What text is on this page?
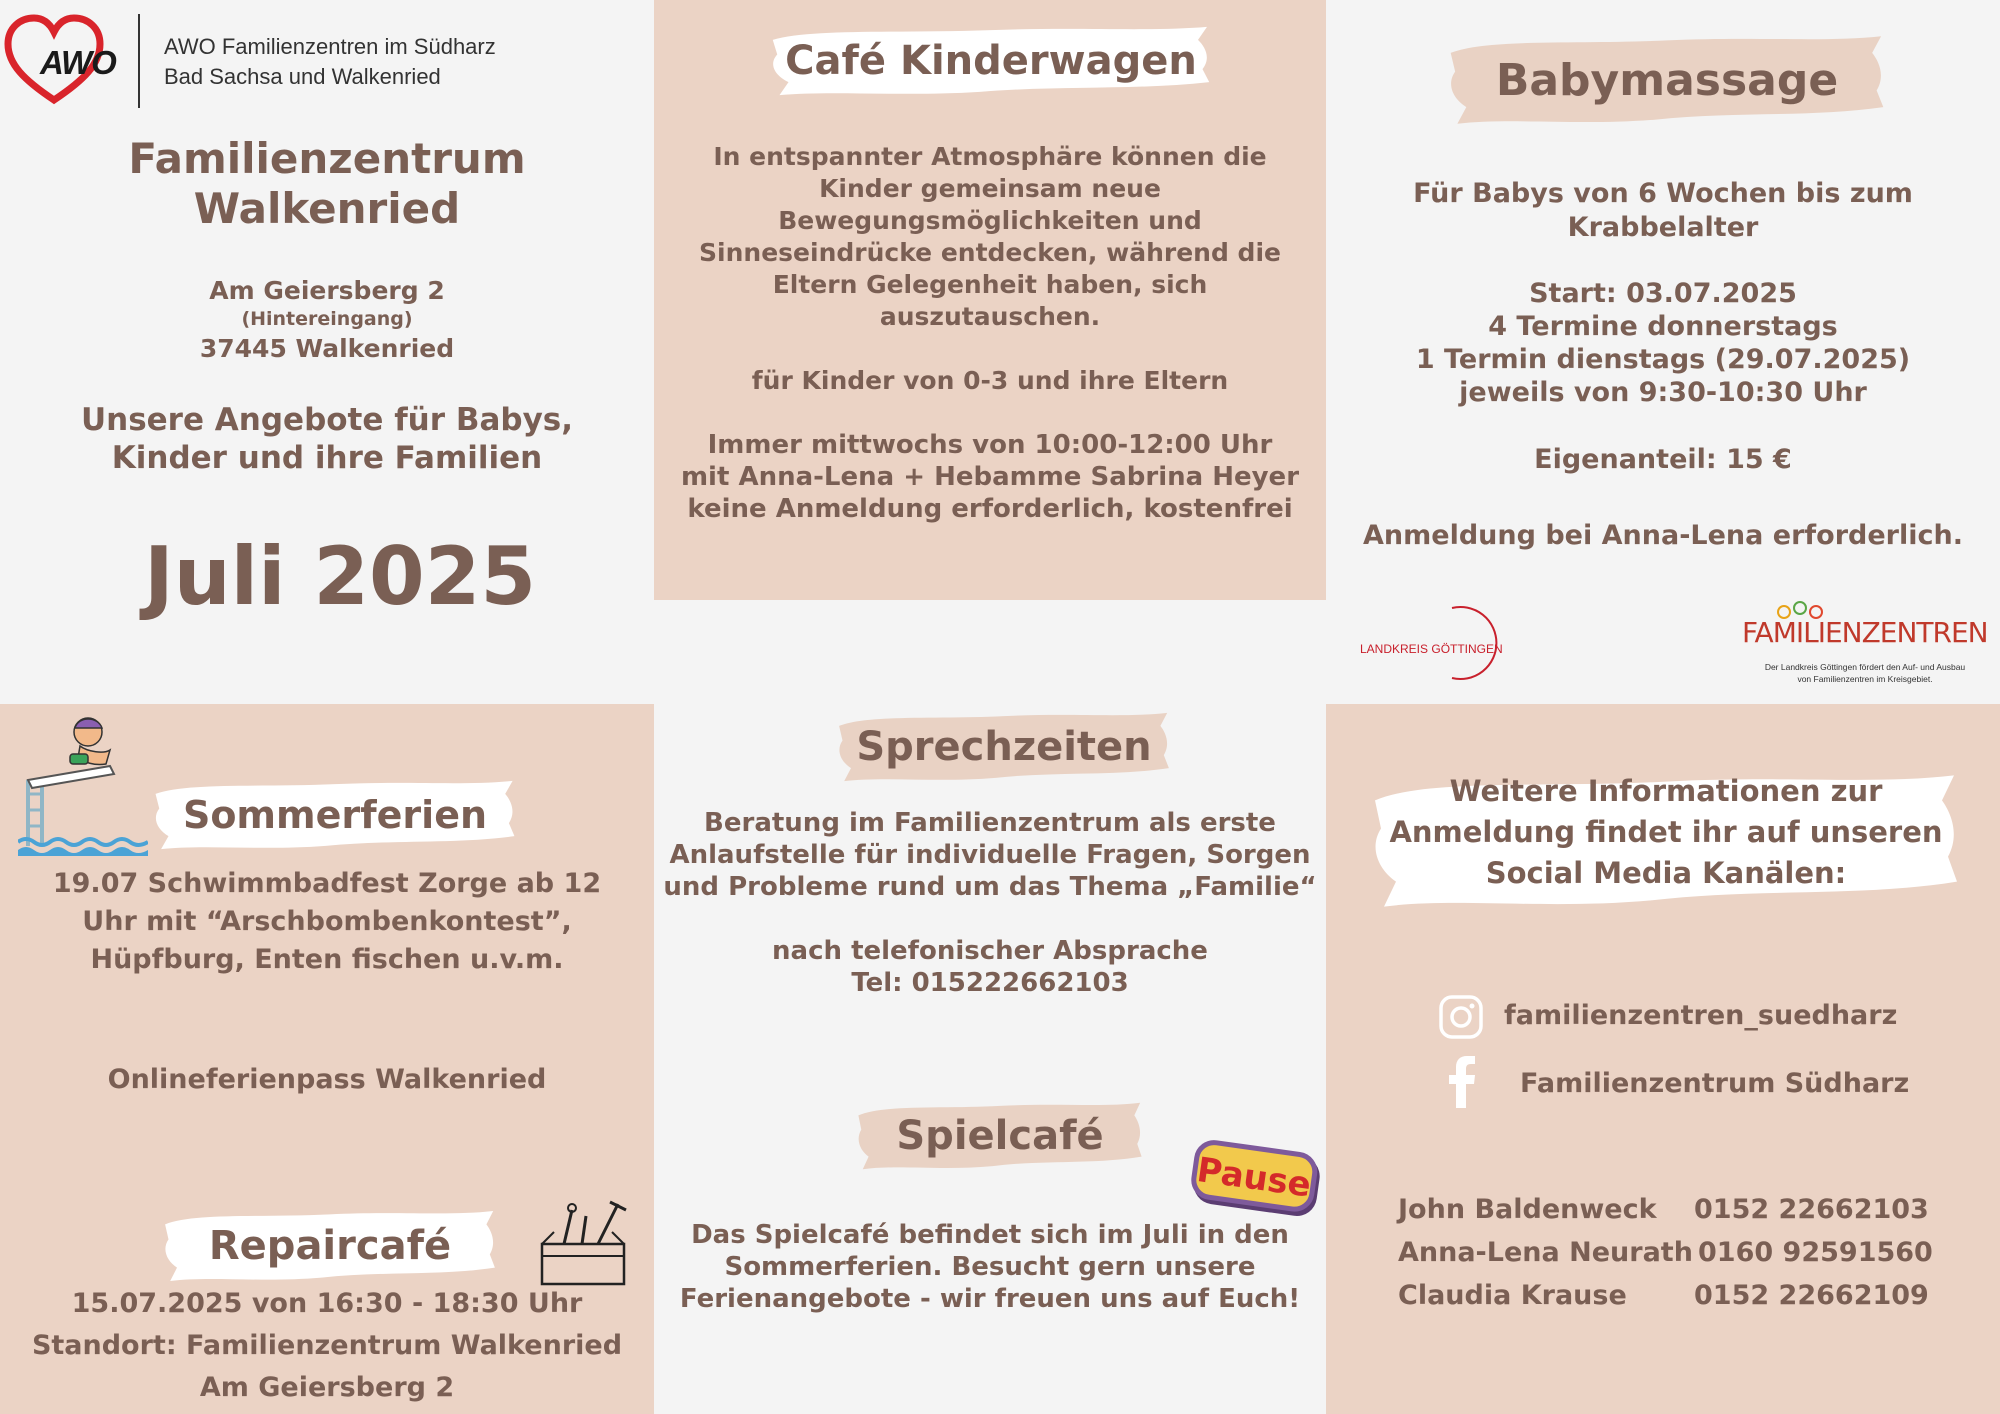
AWO AWO Familienzentren im Südharz
Bad Sachsa und Walkenried
Familienzentrum
Walkenried
Am Geiersberg 2
(Hintereingang)
37445 Walkenried
Unsere Angebote für Babys,
Kinder und ihre Familien
Juli 2025
Café Kinderwagen
In entspannter Atmosphäre können die
Kinder gemeinsam neue
Bewegungsmöglichkeiten und
Sinneseindrücke entdecken, während die
Eltern Gelegenheit haben, sich
auszutauschen.
für Kinder von 0-3 und ihre Eltern
Immer mittwochs von 10:00-12:00 Uhr
mit Anna-Lena + Hebamme Sabrina Heyer
keine Anmeldung erforderlich, kostenfrei
Babymassage
Für Babys von 6 Wochen bis zum
Krabbelalter
Start: 03.07.2025
4 Termine donnerstags
1 Termin dienstags (29.07.2025)
jeweils von 9:30-10:30 Uhr
Eigenanteil: 15 €
Anmeldung bei Anna-Lena erforderlich.
LANDKREIS GÖTTINGEN	FAMILIENZENTREN
Der Landkreis Göttingen fördert den Auf- und Ausbau
von Familienzentren im Kreisgebiet.
Sommerferien
19.07 Schwimmbadfest Zorge ab 12
Uhr mit “Arschbombenkontest”,
Hüpfburg, Enten fischen u.v.m.
Onlineferienpass Walkenried
Repaircafé
15.07.2025 von 16:30 - 18:30 Uhr
Standort: Familienzentrum Walkenried
Am Geiersberg 2
Sprechzeiten
Beratung im Familienzentrum als erste
Anlaufstelle für individuelle Fragen, Sorgen
und Probleme rund um das Thema „Familie“
nach telefonischer Absprache
Tel: 015222662103
Spielcafé
Pause
Das Spielcafé befindet sich im Juli in den
Sommerferien. Besucht gern unsere
Ferienangebote - wir freuen uns auf Euch!
Weitere Informationen zur
Anmeldung findet ihr auf unseren
Social Media Kanälen:
familienzentren_suedharz
Familienzentrum Südharz
John Baldenweck 0152 22662103
Anna-Lena Neurath 0160 92591560
Claudia Krause 0152 22662109
